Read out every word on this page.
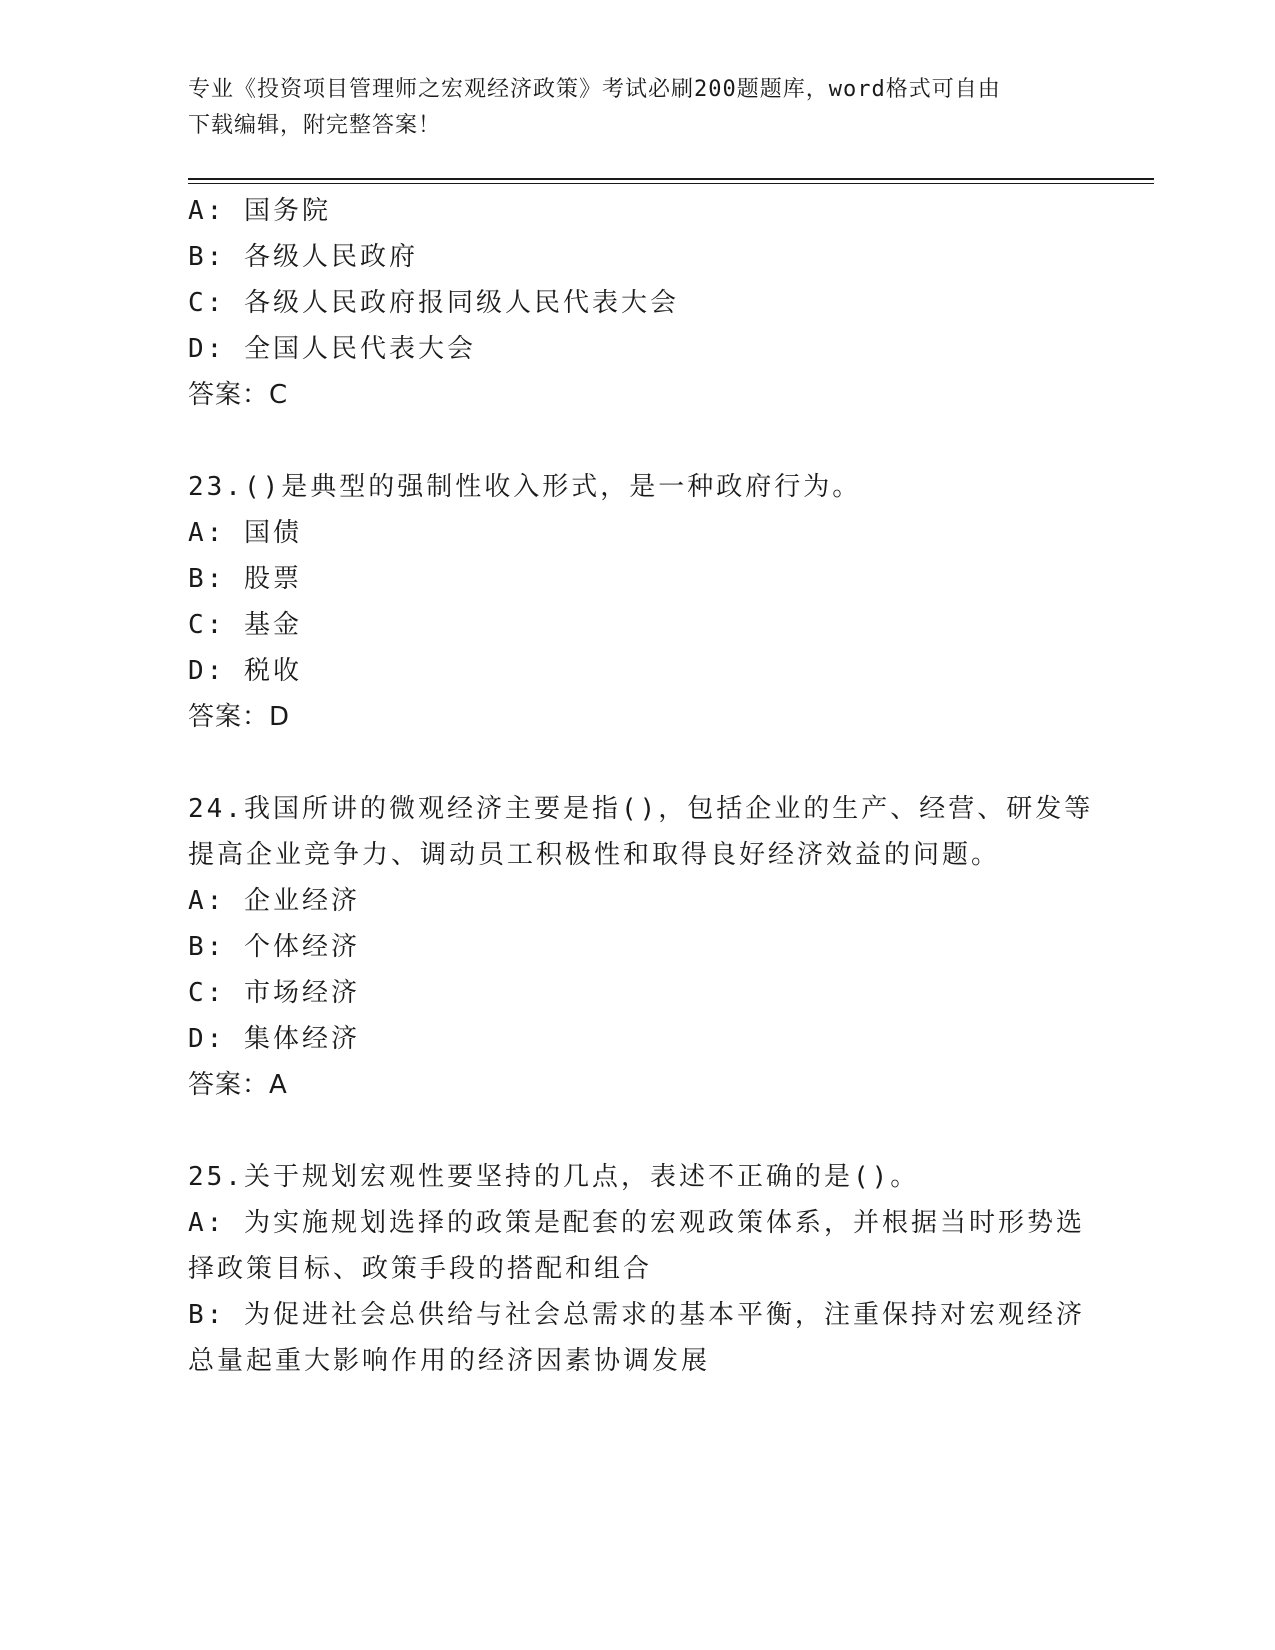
专业《投资项目管理师之宏观经济政策》考试必刷200题题库，word格式可自由
下载编辑，附完整答案！
A: 国务院
B: 各级人民政府
C: 各级人民政府报同级人民代表大会
D: 全国人民代表大会
答案：C
23.()是典型的强制性收入形式，是一种政府行为。
A: 国债
B: 股票
C: 基金
D: 税收
答案：D
24.我国所讲的微观经济主要是指()，包括企业的生产、经营、研发等
提高企业竞争力、调动员工积极性和取得良好经济效益的问题。
A: 企业经济
B: 个体经济
C: 市场经济
D: 集体经济
答案：A
25.关于规划宏观性要坚持的几点，表述不正确的是()。
A: 为实施规划选择的政策是配套的宏观政策体系，并根据当时形势选
择政策目标、政策手段的搭配和组合
B: 为促进社会总供给与社会总需求的基本平衡，注重保持对宏观经济
总量起重大影响作用的经济因素协调发展
